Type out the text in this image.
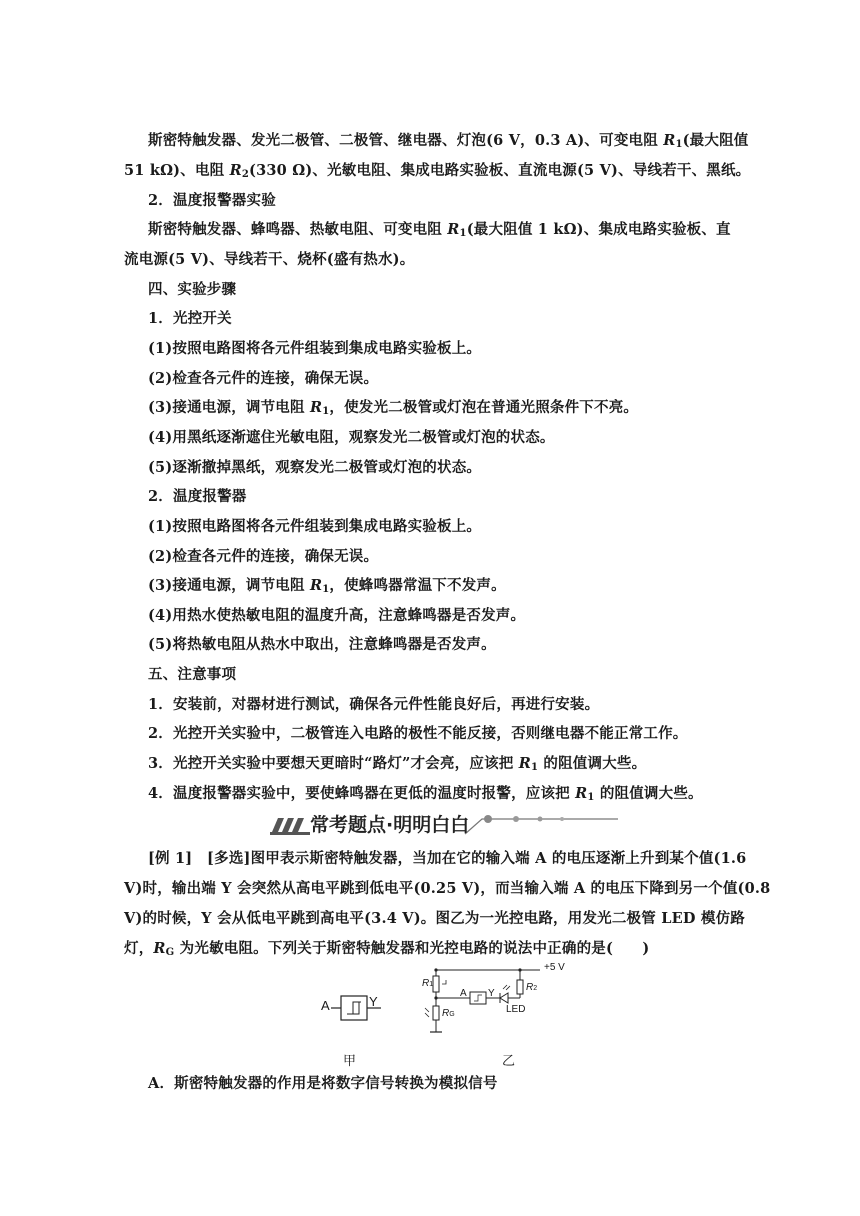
斯密特触发器、发光二极管、二极管、继电器、灯泡(6 V，0.3 A)、可变电阻 $R_1$(最大阻值
51 kΩ)、电阻 $R_2(330$ Ω)、光敏电阻、集成电路实验板、直流电源(5 V)、导线若干、黑纸。
2．温度报警器实验
斯密特触发器、蜂鸣器、热敏电阻、可变电阻 $R_1$(最大阻值 1 kΩ)、集成电路实验板、直
流电源(5 V)、导线若干、烧杯(盛有热水)。
四、实验步骤
1．光控开关
(1)按照电路图将各元件组装到集成电路实验板上。
(2)检查各元件的连接，确保无误。
(3)接通电源，调节电阻 $R_1$，使发光二极管或灯泡在普通光照条件下不亮。
(4)用黑纸逐渐遮住光敏电阻，观察发光二极管或灯泡的状态。
(5)逐渐撤掉黑纸，观察发光二极管或灯泡的状态。
2．温度报警器
(1)按照电路图将各元件组装到集成电路实验板上。
(2)检查各元件的连接，确保无误。
(3)接通电源，调节电阻 $R_1$，使蜂鸣器常温下不发声。
(4)用热水使热敏电阻的温度升高，注意蜂鸣器是否发声。
(5)将热敏电阻从热水中取出，注意蜂鸣器是否发声。
五、注意事项
1．安装前，对器材进行测试，确保各元件性能良好后，再进行安装。
2．光控开关实验中，二极管连入电路的极性不能反接，否则继电器不能正常工作。
3．光控开关实验中要想天更暗时“路灯”才会亮，应该把 $R_1$ 的阻值调大些。
4．温度报警器实验中，要使蜂鸣器在更低的温度时报警，应该把 $R_1$ 的阻值调大些。
常考题点·明明白白
[例 1]　[多选]图甲表示斯密特触发器，当加在它的输入端 A 的电压逐渐上升到某个值(1.6
V)时，输出端 Y 会突然从高电平跳到低电平(0.25 V)，而当输入端 A 的电压下降到另一个值(0.8
V)的时候，Y 会从低电平跳到高电平(3.4 V)。图乙为一光控电路，用发光二极管 LED 模仿路
灯，$R_G$ 为光敏电阻。下列关于斯密特触发器和光控电路的说法中正确的是(　　)
A	Y
甲
+5 V
R1
A Y
R2
LED
RG
乙
A．斯密特触发器的作用是将数字信号转换为模拟信号
